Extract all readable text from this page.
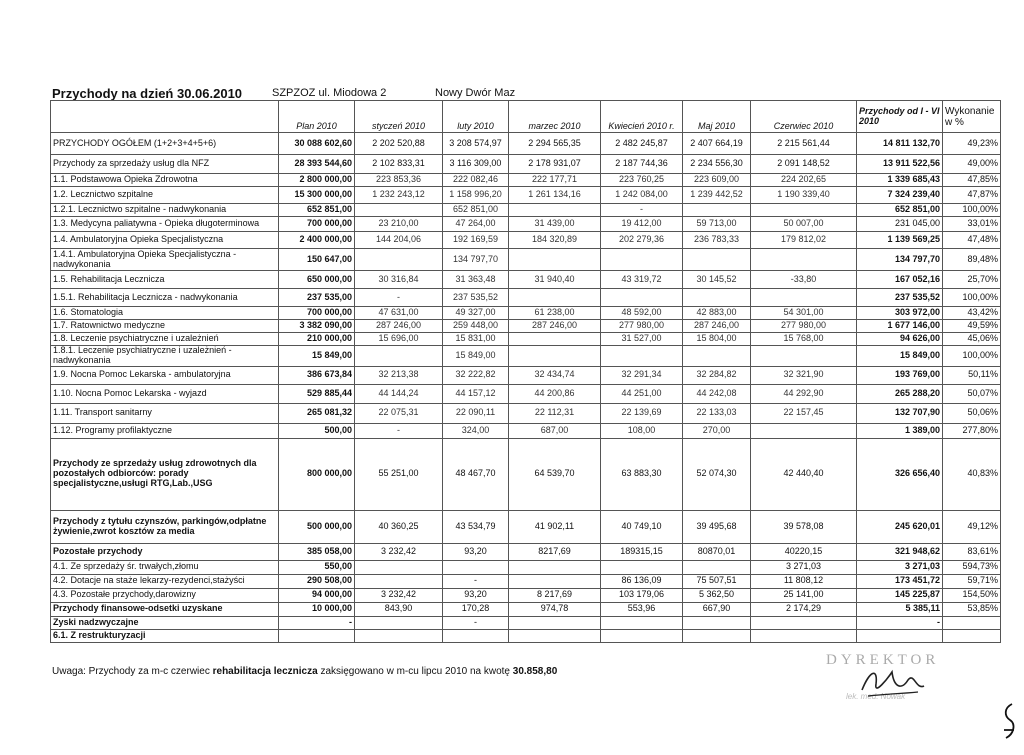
Przychody na dzień 30.06.2010	SZPZOZ ul. Miodowa 2	Nowy Dwór Maz
	Plan 2010	styczeń 2010	luty 2010	marzec 2010	Kwiecień 2010 r.	Maj 2010	Czerwiec 2010	Przychody od I - VI 2010	Wykonanie w %
PRZYCHODY OGÓŁEM (1+2+3+4+5+6)	30 088 602,60	2 202 520,88	3 208 574,97	2 294 565,35	2 482 245,87	2 407 664,19	2 215 561,44	14 811 132,70	49,23%
Przychody za sprzedaży usług dla NFZ	28 393 544,60	2 102 833,31	3 116 309,00	2 178 931,07	2 187 744,36	2 234 556,30	2 091 148,52	13 911 522,56	49,00%
1.1. Podstawowa Opieka Zdrowotna	2 800 000,00	223 853,36	222 082,46	222 177,71	223 760,25	223 609,00	224 202,65	1 339 685,43	47,85%
1.2. Lecznictwo szpitalne	15 300 000,00	1 232 243,12	1 158 996,20	1 261 134,16	1 242 084,00	1 239 442,52	1 190 339,40	7 324 239,40	47,87%
1.2.1. Lecznictwo szpitalne - nadwykonania	652 851,00		652 851,00		-			652 851,00	100,00%
1.3. Medycyna paliatywna - Opieka długoterminowa	700 000,00	23 210,00	47 264,00	31 439,00	19 412,00	59 713,00	50 007,00	231 045,00	33,01%
1.4. Ambulatoryjna Opieka Specjalistyczna	2 400 000,00	144 204,06	192 169,59	184 320,89	202 279,36	236 783,33	179 812,02	1 139 569,25	47,48%
1.4.1. Ambulatoryjna Opieka Specjalistyczna - nadwykonania	150 647,00		134 797,70					134 797,70	89,48%
1.5. Rehabilitacja Lecznicza	650 000,00	30 316,84	31 363,48	31 940,40	43 319,72	30 145,52	-33,80	167 052,16	25,70%
1.5.1. Rehabilitacja Lecznicza - nadwykonania	237 535,00	-	237 535,52					237 535,52	100,00%
1.6. Stomatologia	700 000,00	47 631,00	49 327,00	61 238,00	48 592,00	42 883,00	54 301,00	303 972,00	43,42%
1.7. Ratownictwo medyczne	3 382 090,00	287 246,00	259 448,00	287 246,00	277 980,00	287 246,00	277 980,00	1 677 146,00	49,59%
1.8. Leczenie psychiatryczne i uzależnień	210 000,00	15 696,00	15 831,00		31 527,00	15 804,00	15 768,00	94 626,00	45,06%
1.8.1. Leczenie psychiatryczne i uzależnień - nadwykonania	15 849,00		15 849,00					15 849,00	100,00%
1.9. Nocna Pomoc Lekarska - ambulatoryjna	386 673,84	32 213,38	32 222,82	32 434,74	32 291,34	32 284,82	32 321,90	193 769,00	50,11%
1.10. Nocna Pomoc Lekarska - wyjazd	529 885,44	44 144,24	44 157,12	44 200,86	44 251,00	44 242,08	44 292,90	265 288,20	50,07%
1.11. Transport sanitarny	265 081,32	22 075,31	22 090,11	22 112,31	22 139,69	22 133,03	22 157,45	132 707,90	50,06%
1.12. Programy profilaktyczne	500,00	-	324,00	687,00	108,00	270,00		1 389,00	277,80%
Przychody ze sprzedaży usług zdrowotnych dla pozostałych odbiorców: porady specjalistyczne,usługi RTG,Lab.,USG	800 000,00	55 251,00	48 467,70	64 539,70	63 883,30	52 074,30	42 440,40	326 656,40	40,83%
Przychody z tytułu czynszów, parkingów,odpłatne żywienie,zwrot kosztów za media	500 000,00	40 360,25	43 534,79	41 902,11	40 749,10	39 495,68	39 578,08	245 620,01	49,12%
Pozostałe przychody	385 058,00	3 232,42	93,20	8217,69	189315,15	80870,01	40220,15	321 948,62	83,61%
4.1. Ze sprzedaży śr. trwałych,złomu	550,00						3 271,03	3 271,03	594,73%
4.2. Dotacje na staże lekarzy-rezydenci,stażyści	290 508,00		-		86 136,09	75 507,51	11 808,12	173 451,72	59,71%
4.3. Pozostałe przychody,darowizny	94 000,00	3 232,42	93,20	8 217,69	103 179,06	5 362,50	25 141,00	145 225,87	154,50%
Przychody finansowe-odsetki uzyskane	10 000,00	843,90	170,28	974,78	553,96	667,90	2 174,29	5 385,11	53,85%
Zyski nadzwyczajne	-		-					-	
6.1. Z restrukturyzacji									
Uwaga: Przychody za m-c czerwiec rehabilitacja lecznicza zaksięgowano w m-cu lipcu 2010 na kwotę 30.858,80
DYREKTOR
lek. med. Nowak
